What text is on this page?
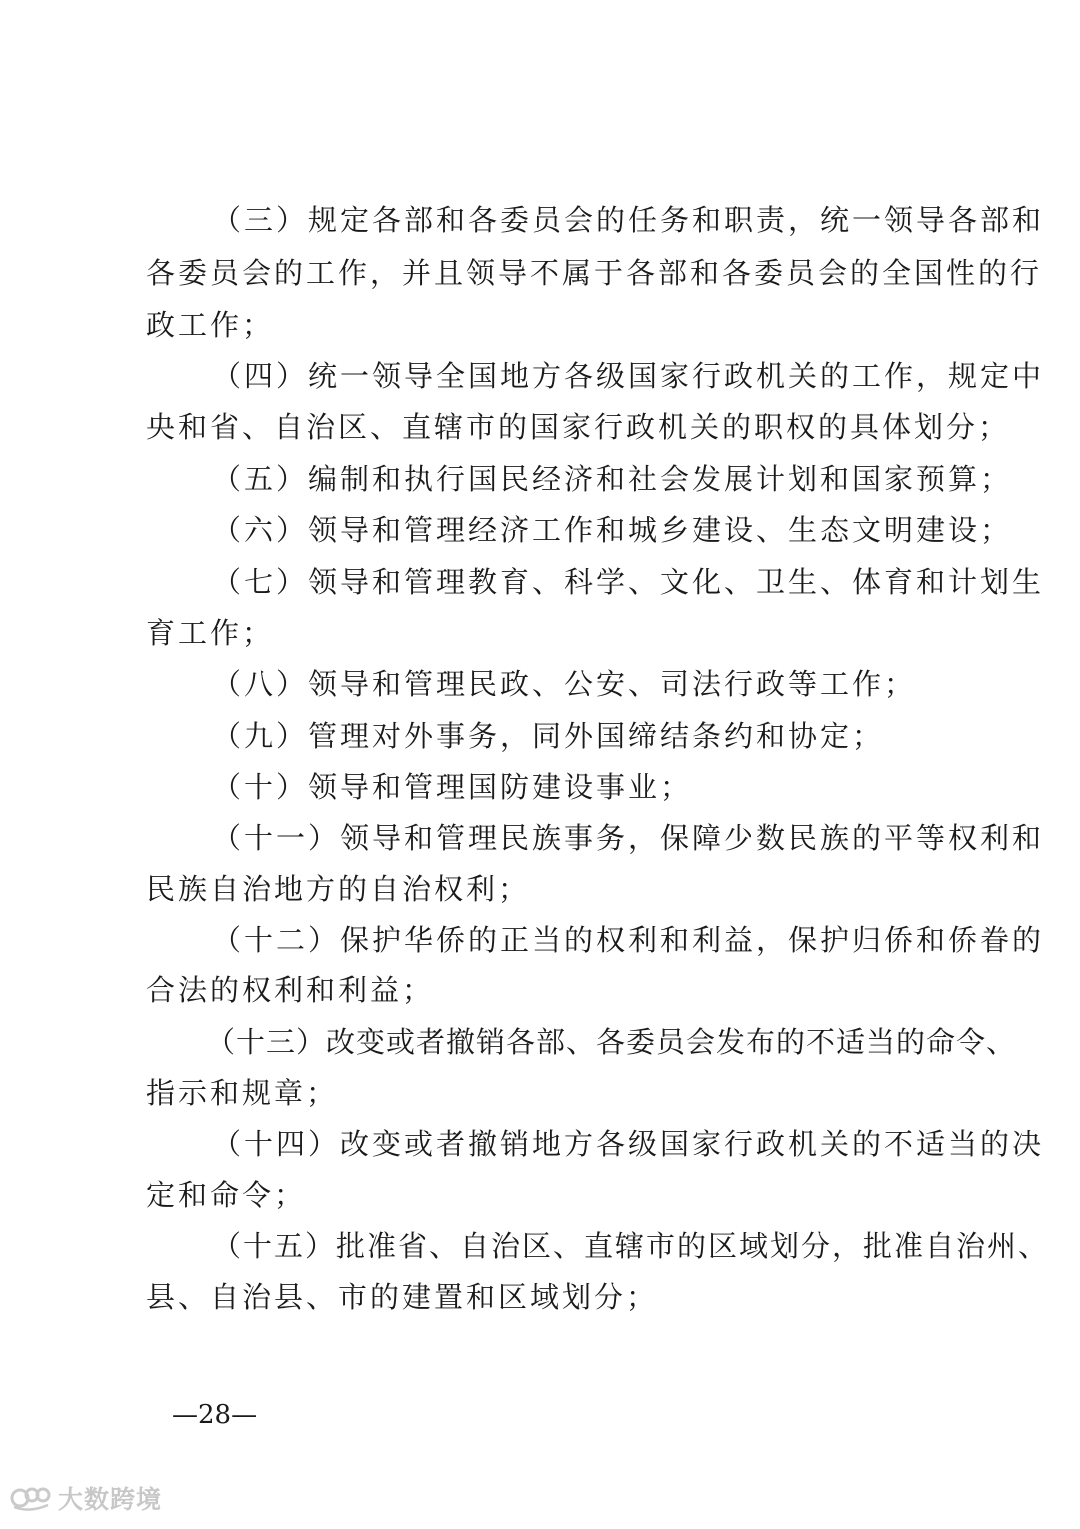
（三）规定各部和各委员会的任务和职责，统一领导各部和
各委员会的工作，并且领导不属于各部和各委员会的全国性的行
政工作；
（四）统一领导全国地方各级国家行政机关的工作，规定中
央和省、自治区、直辖市的国家行政机关的职权的具体划分；
（五）编制和执行国民经济和社会发展计划和国家预算；
（六）领导和管理经济工作和城乡建设、生态文明建设；
（七）领导和管理教育、科学、文化、卫生、体育和计划生
育工作；
（八）领导和管理民政、公安、司法行政等工作；
（九）管理对外事务，同外国缔结条约和协定；
（十）领导和管理国防建设事业；
（十一）领导和管理民族事务，保障少数民族的平等权利和
民族自治地方的自治权利；
（十二）保护华侨的正当的权利和利益，保护归侨和侨眷的
合法的权利和利益；
（十三）改变或者撤销各部、各委员会发布的不适当的命令、
指示和规章；
（十四）改变或者撤销地方各级国家行政机关的不适当的决
定和命令；
（十五）批准省、自治区、直辖市的区域划分，批准自治州、
县、自治县、市的建置和区域划分；
—28—
大数跨境
